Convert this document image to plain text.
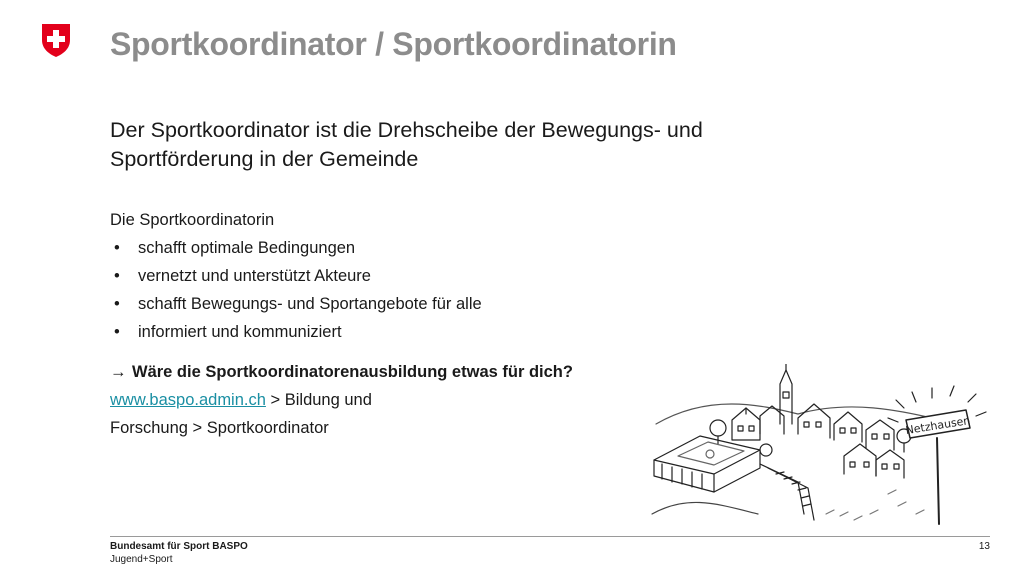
Sportkoordinator / Sportkoordinatorin

Der Sportkoordinator ist die Drehscheibe der Bewegungs- und
Sportförderung in der Gemeinde

Die Sportkoordinatorin
• schafft optimale Bedingungen
• vernetzt und unterstützt Akteure
• schafft Bewegungs- und Sportangebote für alle
• informiert und kommuniziert
→ Wäre die Sportkoordinatorenausbildung etwas für dich?
www.baspo.admin.ch > Bildung und
Forschung > Sportkoordinator	Netzhausen
Bundesamt für Sport BASPO
Jugend+Sport
13
